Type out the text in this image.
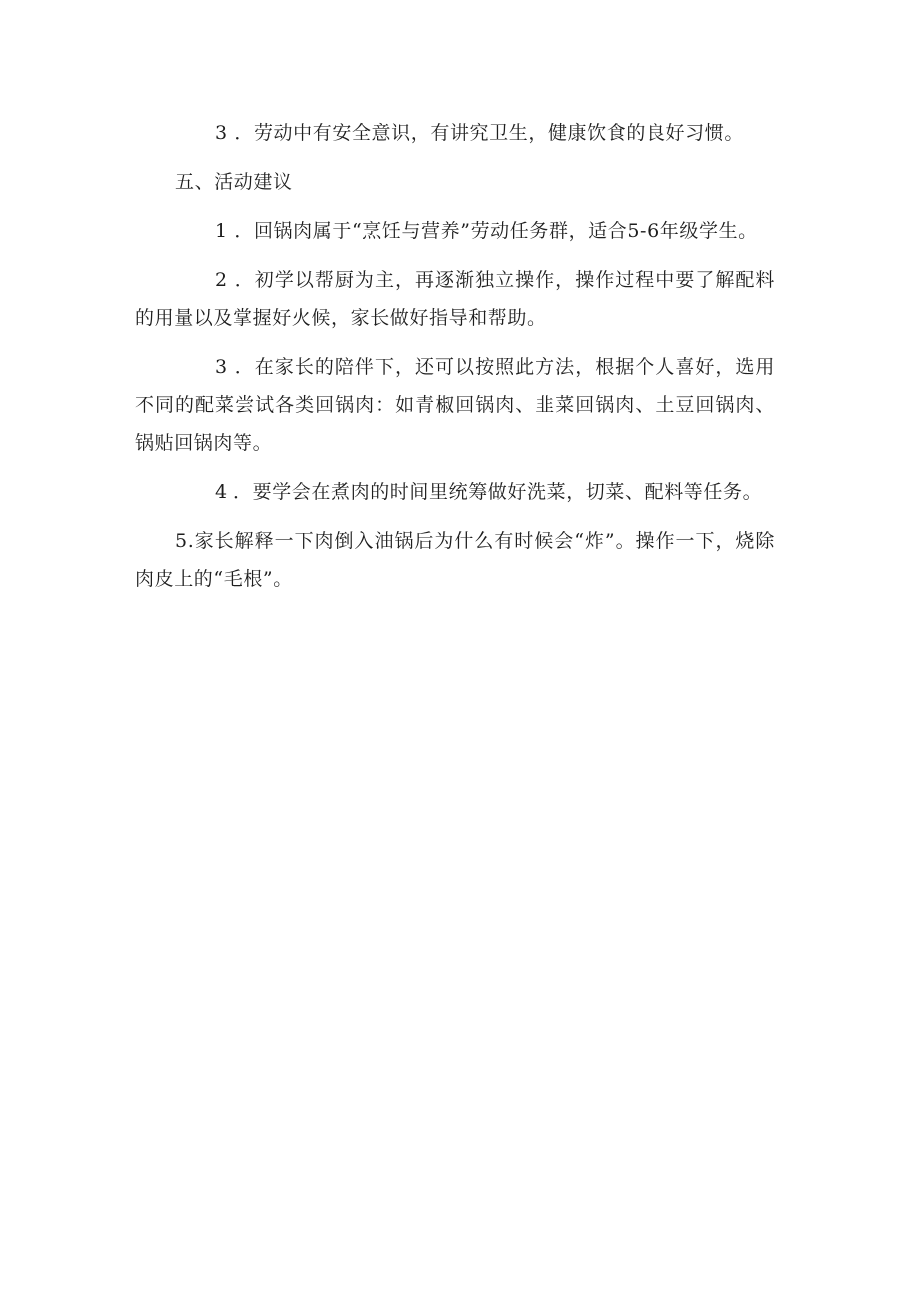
3 ．劳动中有安全意识，有讲究卫生，健康饮食的良好习惯。

五、活动建议

1 ．回锅肉属于“烹饪与营养”劳动任务群，适合5-6年级学生。

2 ．初学以帮厨为主，再逐渐独立操作，操作过程中要了解配料的用量以及掌握好火候，家长做好指导和帮助。

3 ．在家长的陪伴下，还可以按照此方法，根据个人喜好，选用不同的配菜尝试各类回锅肉：如青椒回锅肉、韭菜回锅肉、土豆回锅肉、锅贴回锅肉等。

4 ．要学会在煮肉的时间里统筹做好洗菜，切菜、配料等任务。

5.家长解释一下肉倒入油锅后为什么有时候会“炸”。操作一下，烧除肉皮上的“毛根”。
